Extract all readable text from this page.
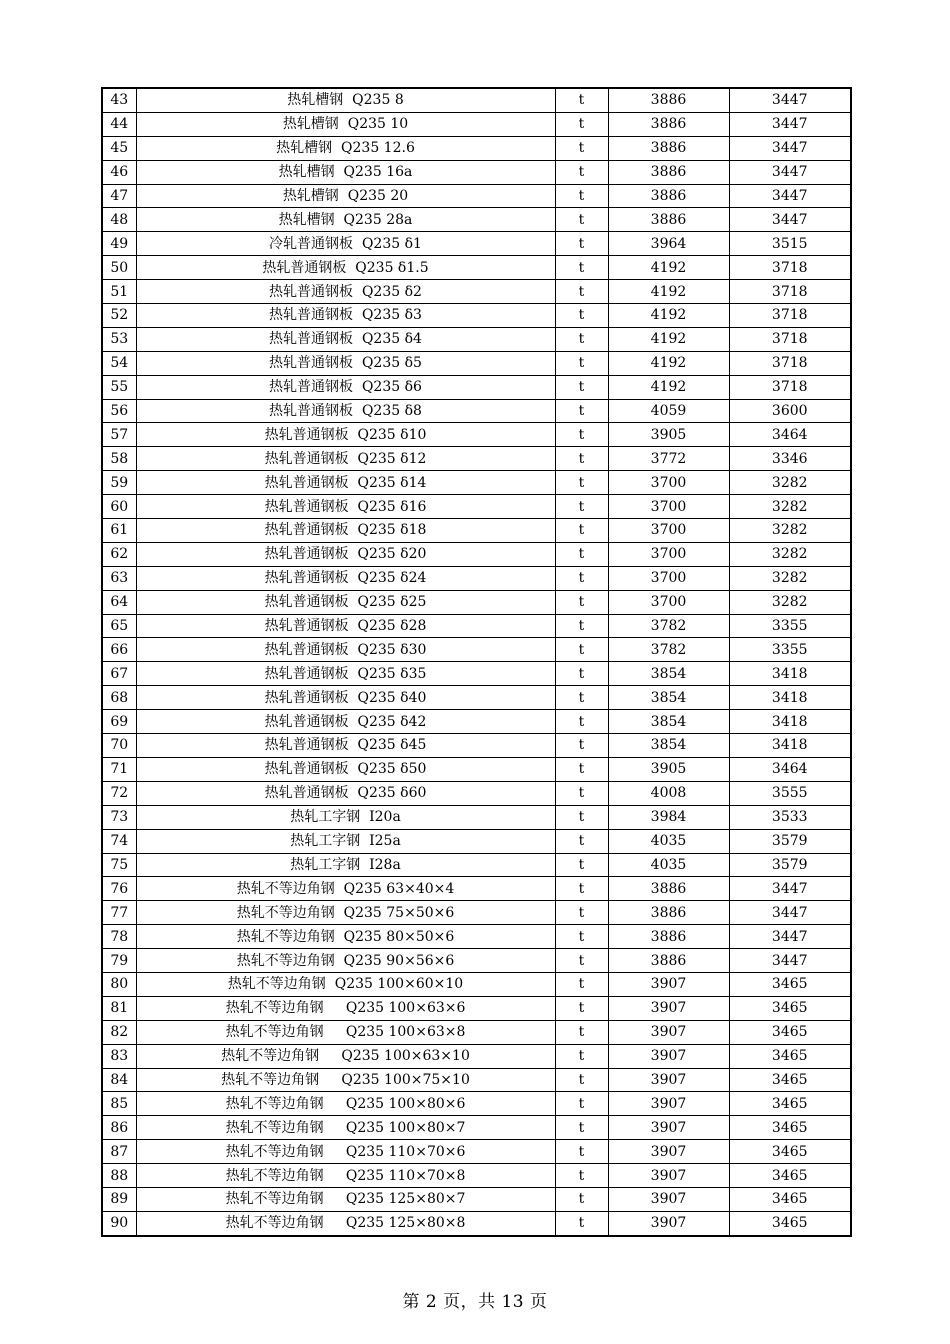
43	热轧槽钢  Q235 8	t	3886	3447
44	热轧槽钢  Q235 10	t	3886	3447
45	热轧槽钢  Q235 12.6	t	3886	3447
46	热轧槽钢  Q235 16a	t	3886	3447
47	热轧槽钢  Q235 20	t	3886	3447
48	热轧槽钢  Q235 28a	t	3886	3447
49	冷轧普通钢板  Q235 δ1	t	3964	3515
50	热轧普通钢板  Q235 δ1.5	t	4192	3718
51	热轧普通钢板  Q235 δ2	t	4192	3718
52	热轧普通钢板  Q235 δ3	t	4192	3718
53	热轧普通钢板  Q235 δ4	t	4192	3718
54	热轧普通钢板  Q235 δ5	t	4192	3718
55	热轧普通钢板  Q235 δ6	t	4192	3718
56	热轧普通钢板  Q235 δ8	t	4059	3600
57	热轧普通钢板  Q235 δ10	t	3905	3464
58	热轧普通钢板  Q235 δ12	t	3772	3346
59	热轧普通钢板  Q235 δ14	t	3700	3282
60	热轧普通钢板  Q235 δ16	t	3700	3282
61	热轧普通钢板  Q235 δ18	t	3700	3282
62	热轧普通钢板  Q235 δ20	t	3700	3282
63	热轧普通钢板  Q235 δ24	t	3700	3282
64	热轧普通钢板  Q235 δ25	t	3700	3282
65	热轧普通钢板  Q235 δ28	t	3782	3355
66	热轧普通钢板  Q235 δ30	t	3782	3355
67	热轧普通钢板  Q235 δ35	t	3854	3418
68	热轧普通钢板  Q235 δ40	t	3854	3418
69	热轧普通钢板  Q235 δ42	t	3854	3418
70	热轧普通钢板  Q235 δ45	t	3854	3418
71	热轧普通钢板  Q235 δ50	t	3905	3464
72	热轧普通钢板  Q235 δ60	t	4008	3555
73	热轧工字钢  I20a	t	3984	3533
74	热轧工字钢  I25a	t	4035	3579
75	热轧工字钢  I28a	t	4035	3579
76	热轧不等边角钢  Q235 63×40×4	t	3886	3447
77	热轧不等边角钢  Q235 75×50×6	t	3886	3447
78	热轧不等边角钢  Q235 80×50×6	t	3886	3447
79	热轧不等边角钢  Q235 90×56×6	t	3886	3447
80	热轧不等边角钢  Q235 100×60×10	t	3907	3465
81	热轧不等边角钢     Q235 100×63×6	t	3907	3465
82	热轧不等边角钢     Q235 100×63×8	t	3907	3465
83	热轧不等边角钢     Q235 100×63×10	t	3907	3465
84	热轧不等边角钢     Q235 100×75×10	t	3907	3465
85	热轧不等边角钢     Q235 100×80×6	t	3907	3465
86	热轧不等边角钢     Q235 100×80×7	t	3907	3465
87	热轧不等边角钢     Q235 110×70×6	t	3907	3465
88	热轧不等边角钢     Q235 110×70×8	t	3907	3465
89	热轧不等边角钢     Q235 125×80×7	t	3907	3465
90	热轧不等边角钢     Q235 125×80×8	t	3907	3465
第 2 页，共 13 页
